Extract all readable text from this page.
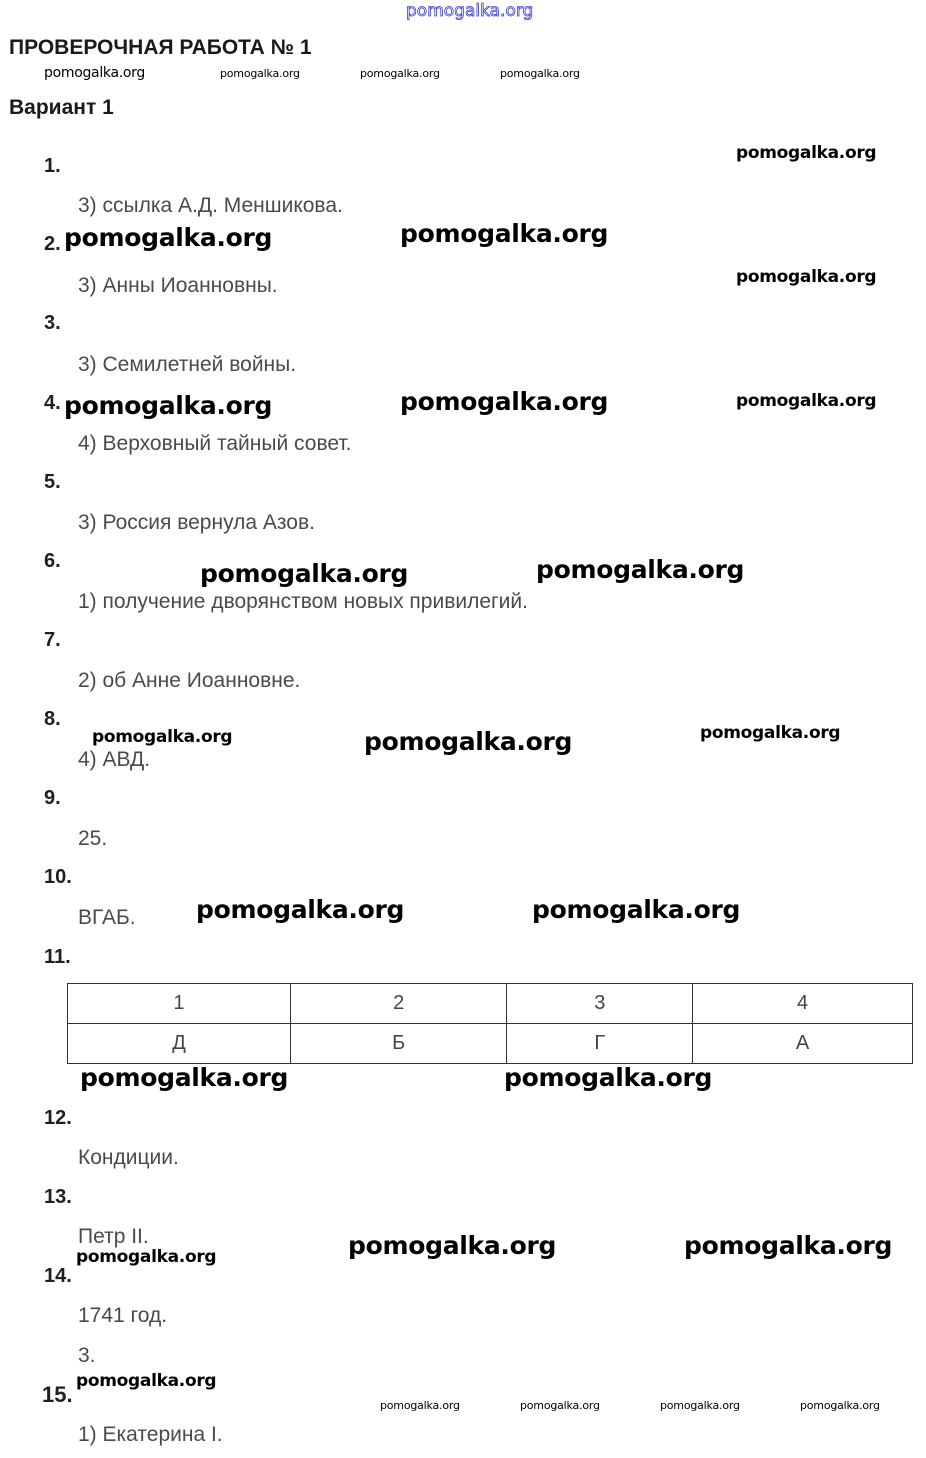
pomogalka.org
ПРОВЕРОЧНАЯ РАБОТА № 1
Вариант 1
pomogalka.org	pomogalka.org	pomogalka.org	pomogalka.org
1.
3) ссылка А.Д. Меншикова.
2.
3) Анны Иоанновны.
3.
3) Семилетней войны.
4.
4) Верховный тайный совет.
5.
3) Россия вернула Азов.
6.
1) получение дворянством новых привилегий.
7.
2) об Анне Иоанновне.
8.
4) АВД.
9.
25.
10.
ВГАБ.
11.
1	2	3	4
Д	Б	Г	А
12.
Кондиции.
13.
Петр II.
14.
1741 год.
3.
15.
1) Екатерина I.
pomogalka.org
pomogalka.org	pomogalka.org
pomogalka.org
pomogalka.org	pomogalka.org	pomogalka.org
pomogalka.org	pomogalka.org
pomogalka.org	pomogalka.org	pomogalka.org
pomogalka.org	pomogalka.org
pomogalka.org	pomogalka.org
pomogalka.org	pomogalka.org	pomogalka.org
pomogalka.org
pomogalka.org	pomogalka.org	pomogalka.org	pomogalka.org
